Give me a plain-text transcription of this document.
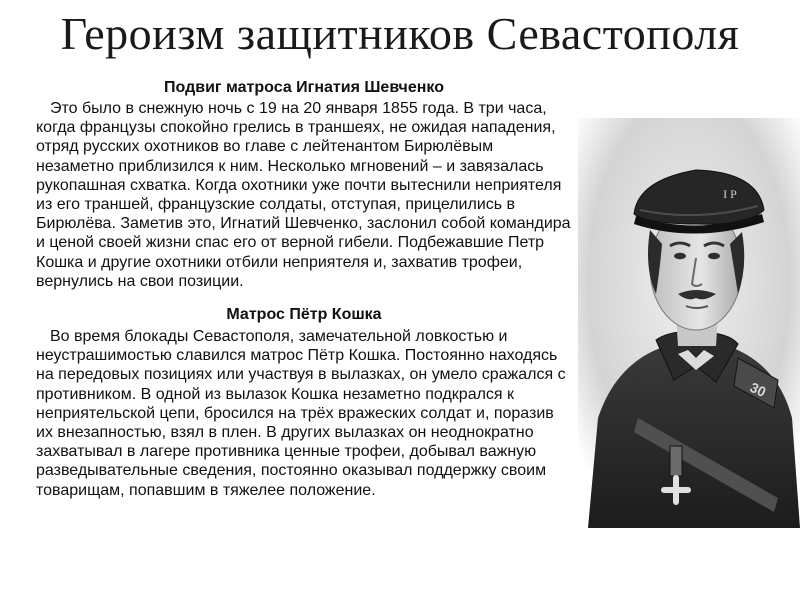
Героизм защитников Севастополя
Подвиг матроса Игнатия Шевченко

Это было в снежную ночь с 19 на 20 января 1855 года. В три часа, когда французы спокойно грелись в траншеях, не ожидая нападения, отряд русских охотников во главе с лейтенантом Бирюлёвым незаметно приблизился к ним. Несколько мгновений – и завязалась рукопашная схватка. Когда охотники уже почти вытеснили неприятеля из его траншей, французские солдаты, отступая, прицелились в Бирюлёва. Заметив это, Игнатий Шевченко, заслонил собой командира и ценой своей жизни спас его от верной гибели. Подбежавшие Петр Кошка и другие охотники отбили неприятеля и, захватив трофеи, вернулись на свои позиции.

Матрос Пётр Кошка

Во время блокады Севастополя, замечательной ловкостью и неустрашимостью славился матрос Пётр Кошка. Постоянно находясь на передовых позициях или участвуя в вылазках, он умело сражался с противником. В одной из вылазок Кошка незаметно подкрался к неприятельской цепи, бросился на трёх вражеских солдат и, поразив их внезапностью, взял в плен. В других вылазках он неоднократно захватывал в лагере противника ценные трофеи, добывал важную разведывательные сведения, постоянно оказывал поддержку своим товарищам, попавшим в тяжелее положение.

30
I P
